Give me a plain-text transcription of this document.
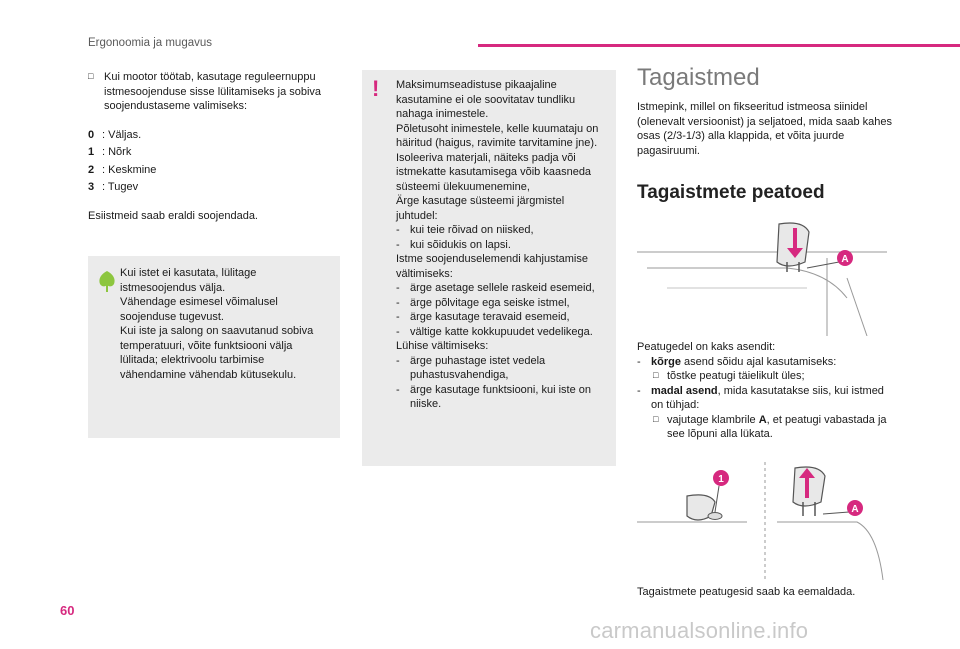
Ergonoomia ja mugavus
□ Kui mootor töötab, kasutage reguleernuppu istmesoojenduse sisse lülitamiseks ja sobiva soojendustaseme valimiseks:
0 : Väljas.
1 : Nõrk
2 : Keskmine
3 : Tugev
Esiistmeid saab eraldi soojendada.
Kui istet ei kasutata, lülitage istmesoojendus välja.
Vähendage esimesel võimalusel soojenduse tugevust.
Kui iste ja salong on saavutanud sobiva temperatuuri, võite funktsiooni välja lülitada; elektrivoolu tarbimise vähendamine vähendab kütusekulu.
! Maksimumseadistuse pikaajaline kasutamine ei ole soovitatav tundliku nahaga inimestele.
Põletusoht inimestele, kelle kuumataju on häiritud (haigus, ravimite tarvitamine jne).
Isoleeriva materjali, näiteks padja või istmekatte kasutamisega võib kaasneda süsteemi ülekuumenemine,
Ärge kasutage süsteemi järgmistel juhtudel:
- kui teie rõivad on niisked,
- kui sõidukis on lapsi.
Istme soojenduselemendi kahjustamise vältimiseks:
- ärge asetage sellele raskeid esemeid,
- ärge põlvitage ega seiske istmel,
- ärge kasutage teravaid esemeid,
- vältige katte kokkupuudet vedelikega.
Lühise vältimiseks:
- ärge puhastage istet vedela puhastusvahendiga,
- ärge kasutage funktsiooni, kui iste on niiske.
Tagaistmed
Istmepink, millel on fikseeritud istmeosa siinidel (olenevalt versioonist) ja seljatoed, mida saab kahes osas (2/3-1/3) alla klappida, et võita juurde pagasiruumi.
Tagaistmete peatoed
A
Peatugedel on kaks asendit:
- kõrge asend sõidu ajal kasutamiseks:
□ tõstke peatugi täielikult üles;
- madal asend, mida kasutatakse siis, kui istmed on tühjad:
□ vajutage klambrile A, et peatugi vabastada ja see lõpuni alla lükata.
1
A
Tagaistmete peatugesid saab ka eemaldada.
60
carmanualsonline.info
